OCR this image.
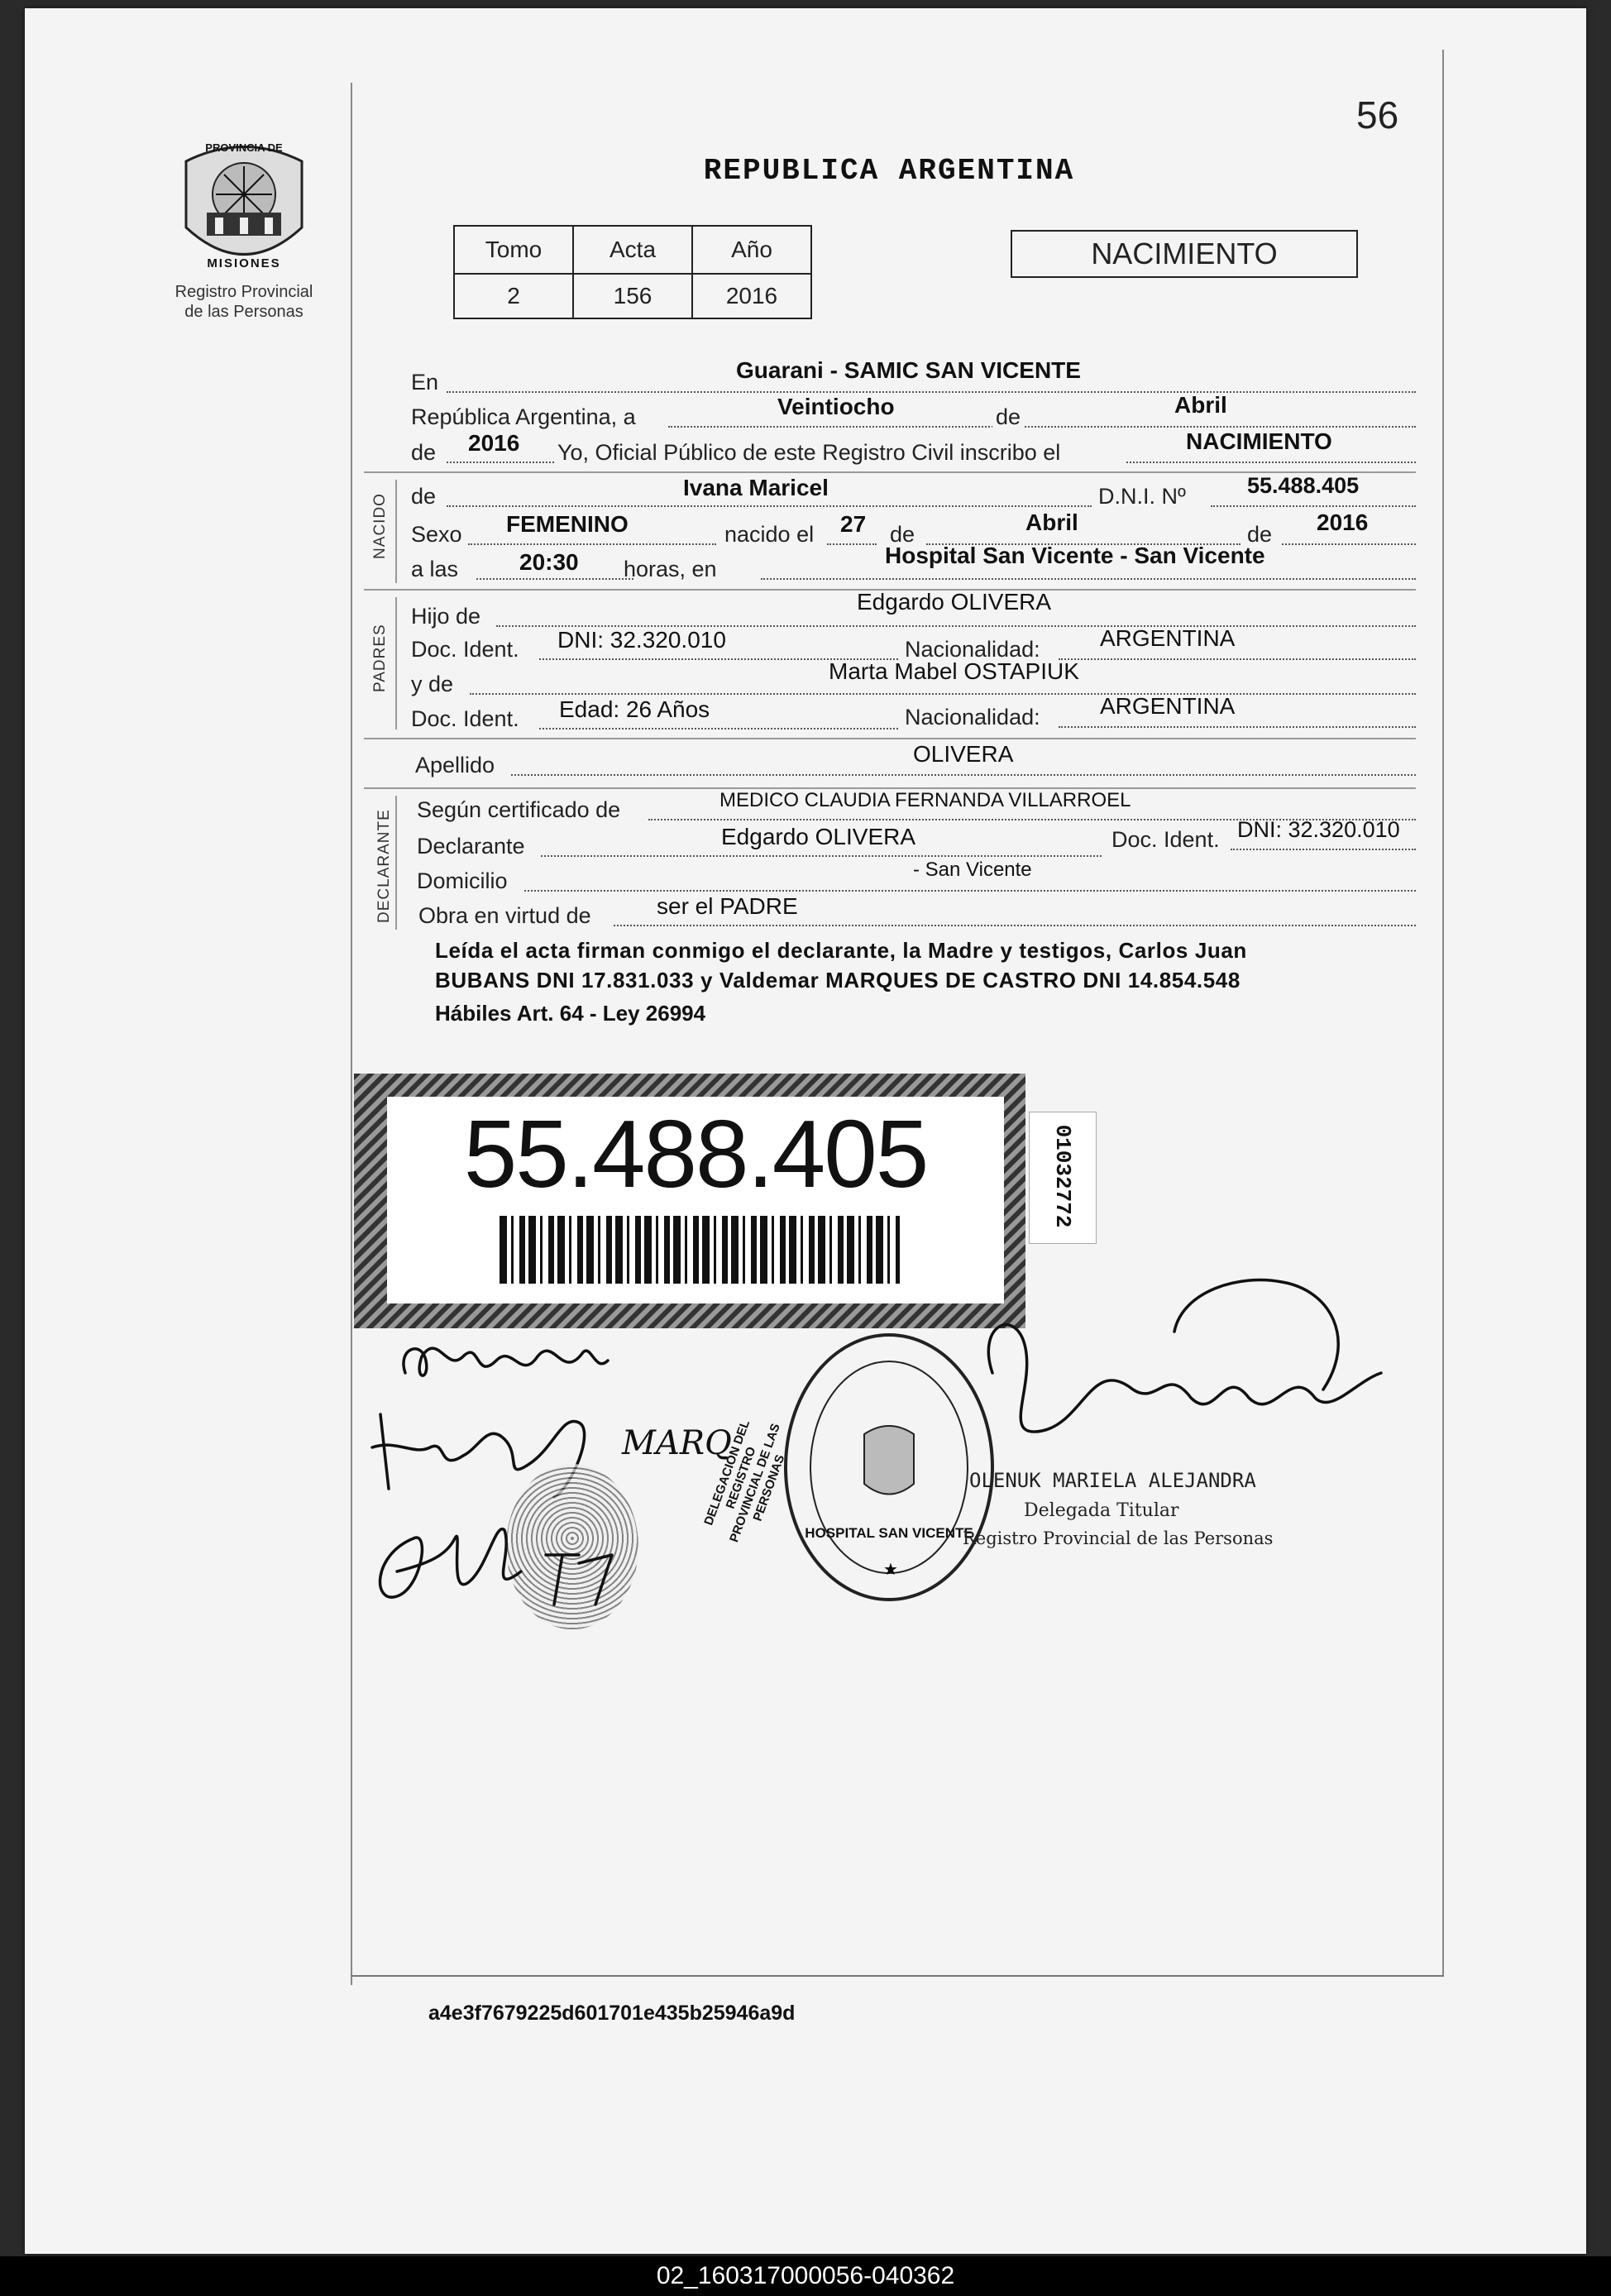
PROVINCIA DE
MISIONES
Registro Provincial
de las Personas
56
REPUBLICA ARGENTINA
Tomo	Acta	Año
2	156	2016
NACIMIENTO
En	Guarani - SAMIC SAN VICENTE
República Argentina, a	Veintiocho	de	Abril
de 2016 Yo, Oficial Público de este Registro Civil inscribo el	NACIMIENTO
NACIDO de	Ivana Maricel	D.N.I. Nº	55.488.405
Sexo FEMENINO	nacido el 27 de	Abril	de 2016
a las	20:30 horas, en
Hospital San Vicente - San Vicente
PADRES
Hijo de
Edgardo OLIVERA
Doc. Ident. DNI: 32.320.010	Nacionalidad:	ARGENTINA
y de	Marta Mabel OSTAPIUK
Doc. Ident. Edad: 26 Años	Nacionalidad:	ARGENTINA
Apellido	OLIVERA
DECLARANTE Según certificado de	MEDICO CLAUDIA FERNANDA VILLARROEL
Declarante	Edgardo OLIVERA	Doc. Ident. DNI: 32.320.010
Domicilio	- San Vicente
Obra en virtud de	ser el PADRE
Leída el acta firman conmigo el declarante, la Madre y testigos, Carlos Juan
BUBANS DNI 17.831.033 y Valdemar MARQUES DE CASTRO DNI 14.854.548
Hábiles Art. 64 - Ley 26994
55.488.405	01032772
MARQ
★
DELEGACION DEL REGISTRO PROVINCIAL DE LAS PERSONAS
HOSPITAL SAN VICENTE
OLENUK MARIELA ALEJANDRA
Delegada Titular
Registro Provincial de las Personas
a4e3f7679225d601701e435b25946a9d
02_160317000056-040362
